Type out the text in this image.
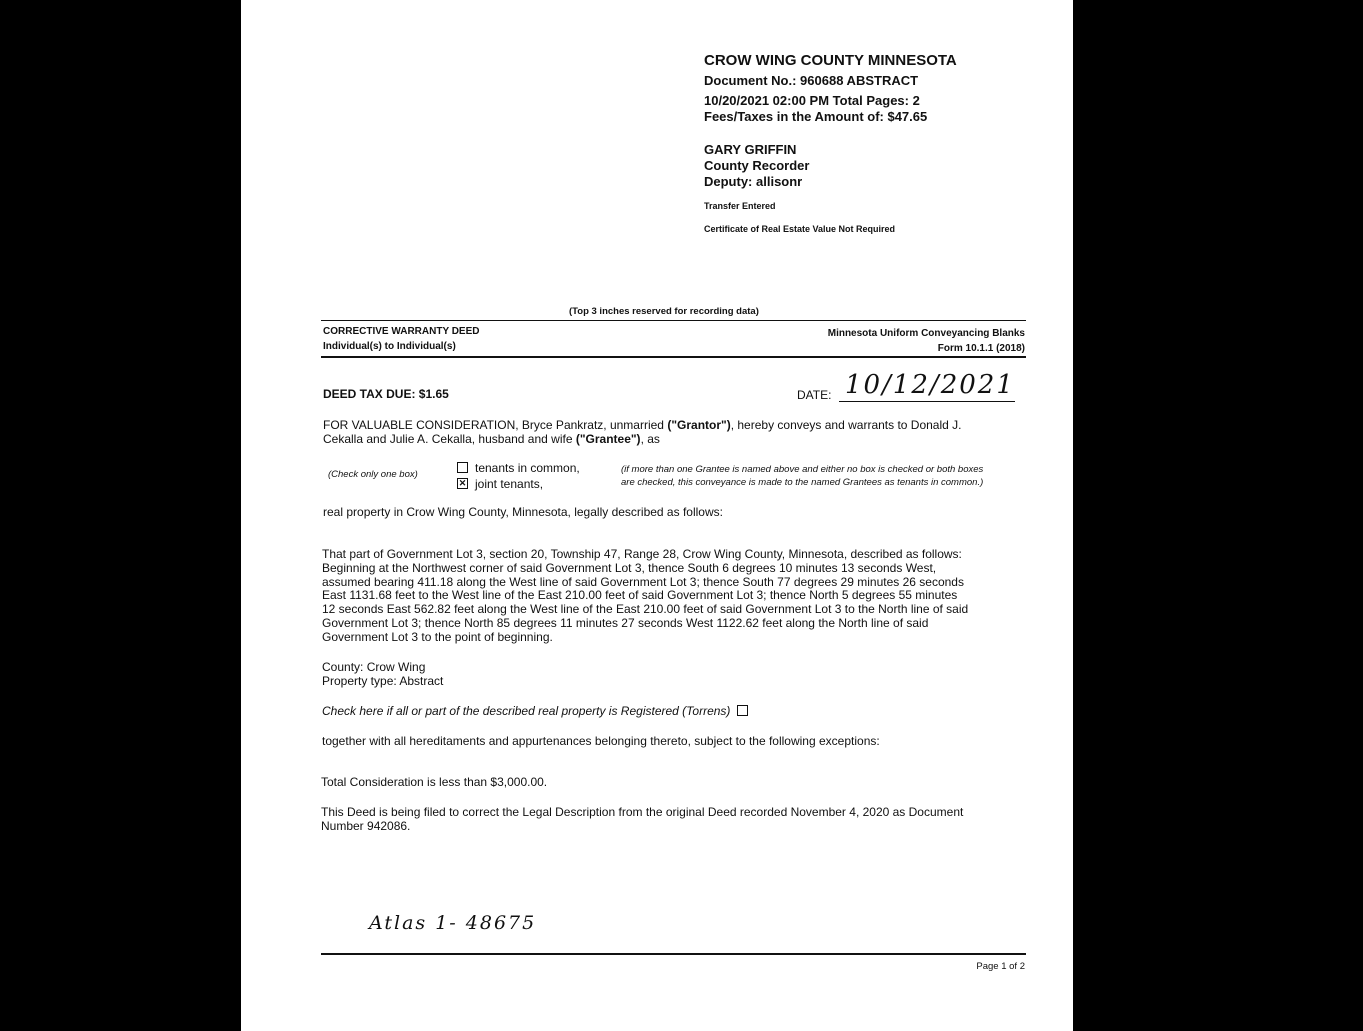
CROW WING COUNTY MINNESOTA
Document No.: 960688 ABSTRACT
10/20/2021 02:00 PM Total Pages: 2
Fees/Taxes in the Amount of: $47.65
GARY GRIFFIN
County Recorder
Deputy: allisonr
Transfer Entered
Certificate of Real Estate Value Not Required
(Top 3 inches reserved for recording data)
CORRECTIVE WARRANTY DEED
Individual(s) to Individual(s)
Minnesota Uniform Conveyancing Blanks
Form 10.1.1 (2018)
DEED TAX DUE: $1.65	DATE: 10/12/2021
FOR VALUABLE CONSIDERATION, Bryce Pankratz, unmarried ("Grantor"), hereby conveys and warrants to Donald J.
Cekalla and Julie A. Cekalla, husband and wife ("Grantee"), as
(Check only one box)	tenants in common,
✕joint tenants,
(if more than one Grantee is named above and either no box is checked or both boxes
are checked, this conveyance is made to the named Grantees as tenants in common.)
real property in Crow Wing County, Minnesota, legally described as follows:

That part of Government Lot 3, section 20, Township 47, Range 28, Crow Wing County, Minnesota, described as follows:

Beginning at the Northwest corner of said Government Lot 3, thence South 6 degrees 10 minutes 13 seconds West,

assumed bearing 411.18 along the West line of said Government Lot 3; thence South 77 degrees 29 minutes 26 seconds

East 1131.68 feet to the West line of the East 210.00 feet of said Government Lot 3; thence North 5 degrees 55 minutes

12 seconds East 562.82 feet along the West line of the East 210.00 feet of said Government Lot 3 to the North line of said

Government Lot 3; thence North 85 degrees 11 minutes 27 seconds West 1122.62 feet along the North line of said

Government Lot 3 to the point of beginning.

County: Crow Wing
Property type: Abstract
Check here if all or part of the described real property is Registered (Torrens)
together with all hereditaments and appurtenances belonging thereto, subject to the following exceptions:
Total Consideration is less than $3,000.00.
This Deed is being filed to correct the Legal Description from the original Deed recorded November 4, 2020 as Document
Number 942086.
Atlas 1- 48675
Page 1 of 2
